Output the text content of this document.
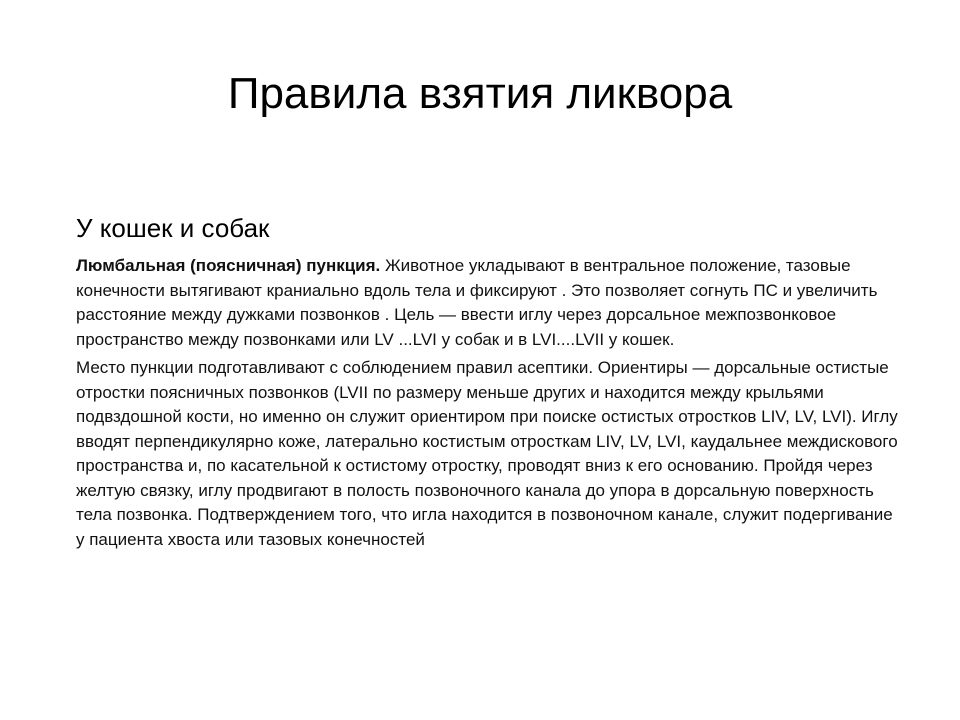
Правила взятия ликвора
У кошек и собак

Люмбальная (поясничная) пункция. Животное укладывают в вентральное положение, тазовые конечности вытягивают краниально вдоль тела и фиксируют . Это позволяет согнуть ПС и увеличить расстояние между дужками позвонков . Цель — ввести иглу через дорсальное межпозвонковое пространство между позвонками или LV ...LVI у собак и в LVI....LVII у кошек.

Место пункции подготавливают с соблюдением правил асептики. Ориентиры — дорсальные остистые отростки поясничных позвонков (LVII по размеру меньше других и находится между крыльями подвздошной кости, но именно он служит ориентиром при поиске остистых отростков LIV, LV, LVI). Иглу вводят перпендикулярно коже, латерально костистым отросткам LIV, LV, LVI, каудальнее междискового пространства и, по касательной к остистому отростку, проводят вниз к его основанию. Пройдя через желтую связку, иглу продвигают в полость позвоночного канала до упора в дорсальную поверхность тела позвонка. Подтверждением того, что игла находится в позвоночном канале, служит подергивание у пациента хвоста или тазовых конечностей
